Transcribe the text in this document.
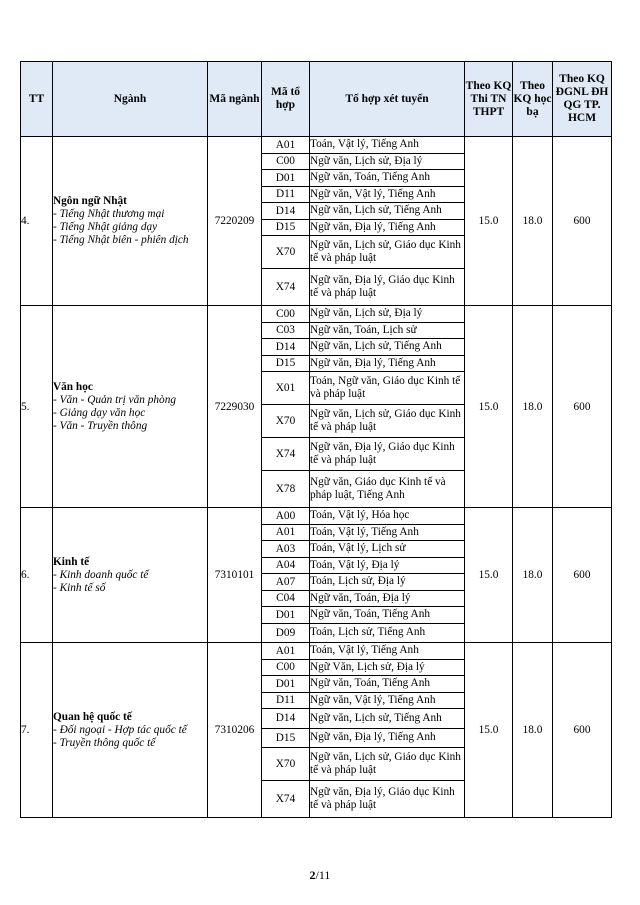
TT	Ngành	Mã ngành	Mã tổ hợp	Tổ hợp xét tuyển	Theo KQ Thi TN THPT	Theo KQ học bạ	Theo KQ ĐGNL ĐH QG TP. HCM
4.	Ngôn ngữ Nhật
- Tiếng Nhật thương mại
- Tiếng Nhật giảng dạy
- Tiếng Nhật biên - phiên dịch	7220209	A01	Toán, Vật lý, Tiếng Anh	15.0	18.0	600
			C00	Ngữ văn, Lịch sử, Địa lý			
			D01	Ngữ văn, Toán, Tiếng Anh			
			D11	Ngữ văn, Vật lý, Tiếng Anh			
			D14	Ngữ văn, Lịch sử, Tiếng Anh			
			D15	Ngữ văn, Địa lý, Tiếng Anh			
			X70	Ngữ văn, Lịch sử, Giáo dục Kinh tế và pháp luật			
			X74	Ngữ văn, Địa lý, Giáo dục Kinh tế và pháp luật			
5.	Văn học
- Văn - Quản trị văn phòng
- Giảng dạy văn học
- Văn - Truyền thông	7229030	C00	Ngữ văn, Lịch sử, Địa lý	15.0	18.0	600
			C03	Ngữ văn, Toán, Lịch sử			
			D14	Ngữ văn, Lịch sử, Tiếng Anh			
			D15	Ngữ văn, Địa lý, Tiếng Anh			
			X01	Toán, Ngữ văn, Giáo dục Kinh tế và pháp luật			
			X70	Ngữ văn, Lịch sử, Giáo dục Kinh tế và pháp luật			
			X74	Ngữ văn, Địa lý, Giáo dục Kinh tế và pháp luật			
			X78	Ngữ văn, Giáo dục Kinh tế và pháp luật, Tiếng Anh			
6.	Kinh tế
- Kinh doanh quốc tế
- Kinh tế số	7310101	A00	Toán, Vật lý, Hóa học	15.0	18.0	600
			A01	Toán, Vật lý, Tiếng Anh			
			A03	Toán, Vật lý, Lịch sử			
			A04	Toán, Vật lý, Địa lý			
			A07	Toán, Lịch sử, Địa lý			
			C04	Ngữ văn, Toán, Địa lý			
			D01	Ngữ văn, Toán, Tiếng Anh			
			D09	Toán, Lịch sử, Tiếng Anh			
7.	Quan hệ quốc tế
- Đối ngoại - Hợp tác quốc tế
- Truyền thông quốc tế	7310206	A01	Toán, Vật lý, Tiếng Anh	15.0	18.0	600
			C00	Ngữ Văn, Lịch sử, Địa lý			
			D01	Ngữ văn, Toán, Tiếng Anh			
			D11	Ngữ văn, Vật lý, Tiếng Anh			
			D14	Ngữ văn, Lịch sử, Tiếng Anh			
			D15	Ngữ văn, Địa lý, Tiếng Anh			
			X70	Ngữ văn, Lịch sử, Giáo dục Kinh tế và pháp luật			
			X74	Ngữ văn, Địa lý, Giáo dục Kinh tế và pháp luật			
2/11
